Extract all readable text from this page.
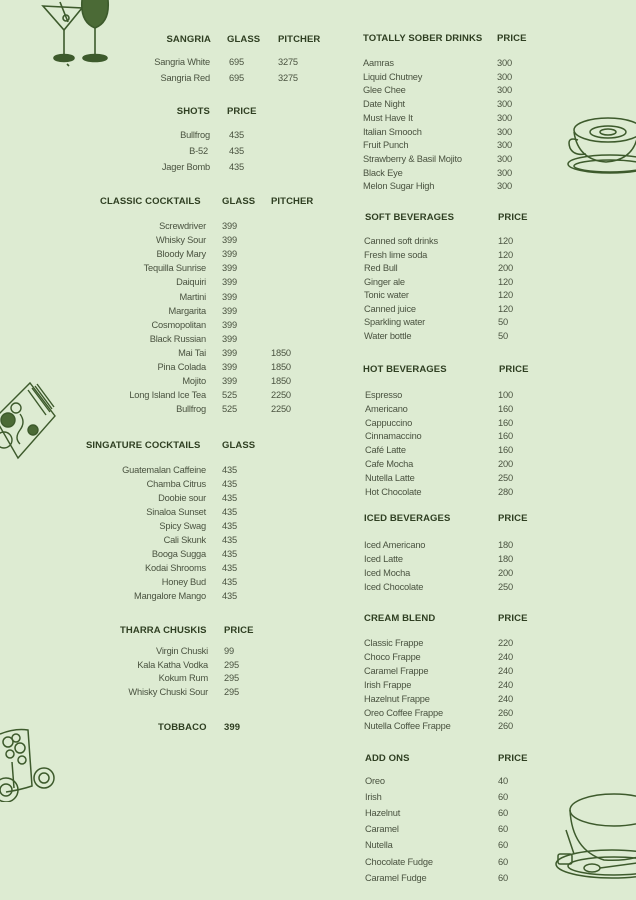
SANGRIA GLASS PITCHER
Sangria White 695	3275
Sangria Red 695	3275
SHOTS PRICE
Bullfrog 435
B-52 435
Jager Bomb 435
CLASSIC COCKTAILS GLASS PITCHER
Screwdriver 399
Whisky Sour 399
Bloody Mary 399
Tequilla Sunrise 399
Daiquiri 399
Martini 399
Margarita 399
Cosmopolitan 399
Black Russian 399
Mai Tai 399	1850
Pina Colada 399	1850
Mojito 399	1850
Long Island Ice Tea 525	2250
Bullfrog 525	2250
SINGATURE COCKTAILS GLASS
Guatemalan Caffeine 435
Chamba Citrus 435
Doobie sour 435
Sinaloa Sunset 435
Spicy Swag 435
Cali Skunk 435
Booga Sugga 435
Kodai Shrooms 435
Honey Bud 435
Mangalore Mango 435
THARRA CHUSKIS PRICE
Virgin Chuski 99
Kala Katha Vodka 295
Kokum Rum 295
Whisky Chuski Sour 295
TOBBACO 399
TOTALLY SOBER DRINKS PRICE
Aamras	300
Liquid Chutney	300
Glee Chee	300
Date Night	300
Must Have It	300
Italian Smooch	300
Fruit Punch	300
Strawberry & Basil Mojito	300
Black Eye	300
Melon Sugar High	300
SOFT BEVERAGES	PRICE
Canned soft drinks	120
Fresh lime soda	120
Red Bull	200
Ginger ale	120
Tonic water	120
Canned juice	120
Sparkling water	50
Water bottle	50
HOT BEVERAGES	PRICE
Espresso	100
Americano	160
Cappuccino	160
Cinnamaccino	160
Café Latte	160
Cafe Mocha	200
Nutella Latte	250
Hot Chocolate	280
ICED BEVERAGES	PRICE
Iced Americano	180
Iced Latte	180
Iced Mocha	200
Iced Chocolate	250
CREAM BLEND	PRICE
Classic Frappe	220
Choco Frappe	240
Caramel Frappe	240
Irish Frappe	240
Hazelnut Frappe	240
Oreo Coffee Frappe	260
Nutella Coffee Frappe	260
ADD ONS	PRICE
Oreo	40
Irish	60
Hazelnut	60
Caramel	60
Nutella	60
Chocolate Fudge	60
Caramel Fudge	60
